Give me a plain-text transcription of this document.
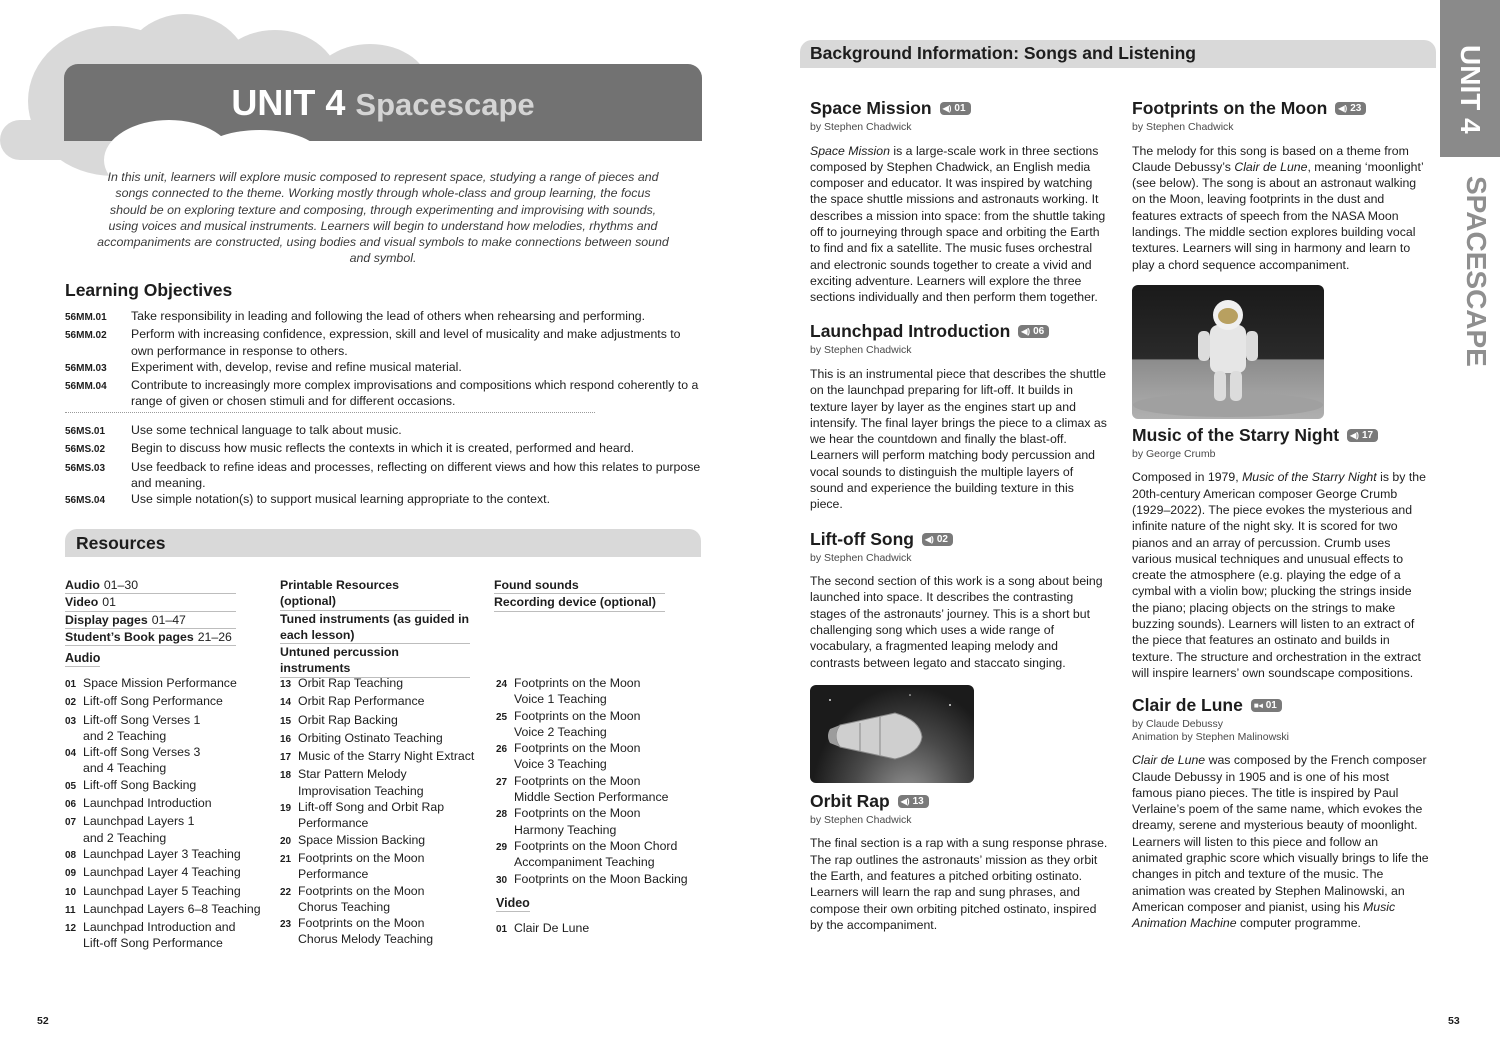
UNIT 4 Spacescape

In this unit, learners will explore music composed to represent space, studying a range of pieces and songs connected to the theme. Working mostly through whole-class and group learning, the focus should be on exploring texture and composing, through experimenting and improvising with sounds, using voices and musical instruments. Learners will begin to understand how melodies, rhythms and accompaniments are constructed, using bodies and visual symbols to make connections between sound and symbol.

Learning Objectives
56MM.01	Take responsibility in leading and following the lead of others when rehearsing and performing.
56MM.02	Perform with increasing confidence, expression, skill and level of musicality and make adjustments to own performance in response to others.
56MM.03	Experiment with, develop, revise and refine musical material.
56MM.04	Contribute to increasingly more complex improvisations and compositions which respond coherently to a range of given or chosen stimuli and for different occasions.
56MS.01	Use some technical language to talk about music.
56MS.02	Begin to discuss how music reflects the contexts in which it is created, performed and heard.
56MS.03	Use feedback to refine ideas and processes, reflecting on different views and how this relates to purpose and meaning.
56MS.04	Use simple notation(s) to support musical learning appropriate to the context.
Resources
Audio 01–30
Video 01
Display pages 01–47
Student’s Book pages 21–26
Printable Resources (optional)
Tuned instruments (as guided in each lesson)
Untuned percussion instruments
Found sounds
Recording device (optional)
Audio
01 Space Mission Performance
02 Lift-off Song Performance
03 Lift-off Song Verses 1
and 2 Teaching
04 Lift-off Song Verses 3
and 4 Teaching
05 Lift-off Song Backing
06 Launchpad Introduction
07 Launchpad Layers 1
and 2 Teaching
08 Launchpad Layer 3 Teaching
09 Launchpad Layer 4 Teaching
10 Launchpad Layer 5 Teaching
11 Launchpad Layers 6–8 Teaching
12 Launchpad Introduction and
Lift-off Song Performance
13 Orbit Rap Teaching
14 Orbit Rap Performance
15 Orbit Rap Backing
16 Orbiting Ostinato Teaching
17 Music of the Starry Night Extract
18 Star Pattern Melody
Improvisation Teaching
19 Lift-off Song and Orbit Rap
Performance
20 Space Mission Backing
21 Footprints on the Moon
Performance
22 Footprints on the Moon
Chorus Teaching
23 Footprints on the Moon
Chorus Melody Teaching
24 Footprints on the Moon
Voice 1 Teaching
25 Footprints on the Moon
Voice 2 Teaching
26 Footprints on the Moon
Voice 3 Teaching
27 Footprints on the Moon
Middle Section Performance
28 Footprints on the Moon
Harmony Teaching
29 Footprints on the Moon Chord
Accompaniment Teaching
30 Footprints on the Moon Backing
Video
01 Clair De Lune
52
Background Information: Songs and Listening	UNIT 4
SPACESCAPE
Space Mission ◀) 01
by Stephen Chadwick
Space Mission is a large-scale work in three sections composed by Stephen Chadwick, an English media composer and educator. It was inspired by watching the space shuttle missions and astronauts working. It describes a mission into space: from the shuttle taking off to journeying through space and orbiting the Earth to find and fix a satellite. The music fuses orchestral and electronic sounds together to create a vivid and exciting adventure. Learners will explore the three sections individually and then perform them together.
Launchpad Introduction ◀) 06
by Stephen Chadwick
This is an instrumental piece that describes the shuttle on the launchpad preparing for lift-off. It builds in texture layer by layer as the engines start up and intensify. The final layer brings the piece to a climax as we hear the countdown and finally the blast-off. Learners will perform matching body percussion and vocal sounds to distinguish the multiple layers of sound and experience the building texture in this piece.
Lift-off Song ◀) 02
by Stephen Chadwick
The second section of this work is a song about being launched into space. It describes the contrasting stages of the astronauts’ journey. This is a short but challenging song which uses a wide range of vocabulary, a fragmented leaping melody and contrasts between legato and staccato singing.
Orbit Rap ◀) 13
by Stephen Chadwick
The final section is a rap with a sung response phrase. The rap outlines the astronauts’ mission as they orbit the Earth, and features a pitched orbiting ostinato. Learners will learn the rap and sung phrases, and compose their own orbiting pitched ostinato, inspired by the accompaniment.
Footprints on the Moon ◀) 23
by Stephen Chadwick
The melody for this song is based on a theme from Claude Debussy’s Clair de Lune, meaning ‘moonlight’ (see below). The song is about an astronaut walking on the Moon, leaving footprints in the dust and features extracts of speech from the NASA Moon landings. The middle section explores building vocal textures. Learners will sing in harmony and learn to play a chord sequence accompaniment.
Music of the Starry Night ◀) 17
by George Crumb
Composed in 1979, Music of the Starry Night is by the 20th-century American composer George Crumb (1929–2022). The piece evokes the mysterious and infinite nature of the night sky. It is scored for two pianos and an array of percussion. Crumb uses various musical techniques and unusual effects to create the atmosphere (e.g. playing the edge of a cymbal with a violin bow; plucking the strings inside the piano; placing objects on the strings to make buzzing sounds). Learners will listen to an extract of the piece that features an ostinato and builds in texture. The structure and orchestration in the extract will inspire learners’ own soundscape compositions.
Clair de Lune ■◂ 01
by Claude Debussy
Animation by Stephen Malinowski
Clair de Lune was composed by the French composer Claude Debussy in 1905 and is one of his most famous piano pieces. The title is inspired by Paul Verlaine’s poem of the same name, which evokes the dreamy, serene and mysterious beauty of moonlight. Learners will listen to this piece and follow an animated graphic score which visually brings to life the changes in pitch and texture of the music. The animation was created by Stephen Malinowski, an American composer and pianist, using his Music Animation Machine computer programme.
53
